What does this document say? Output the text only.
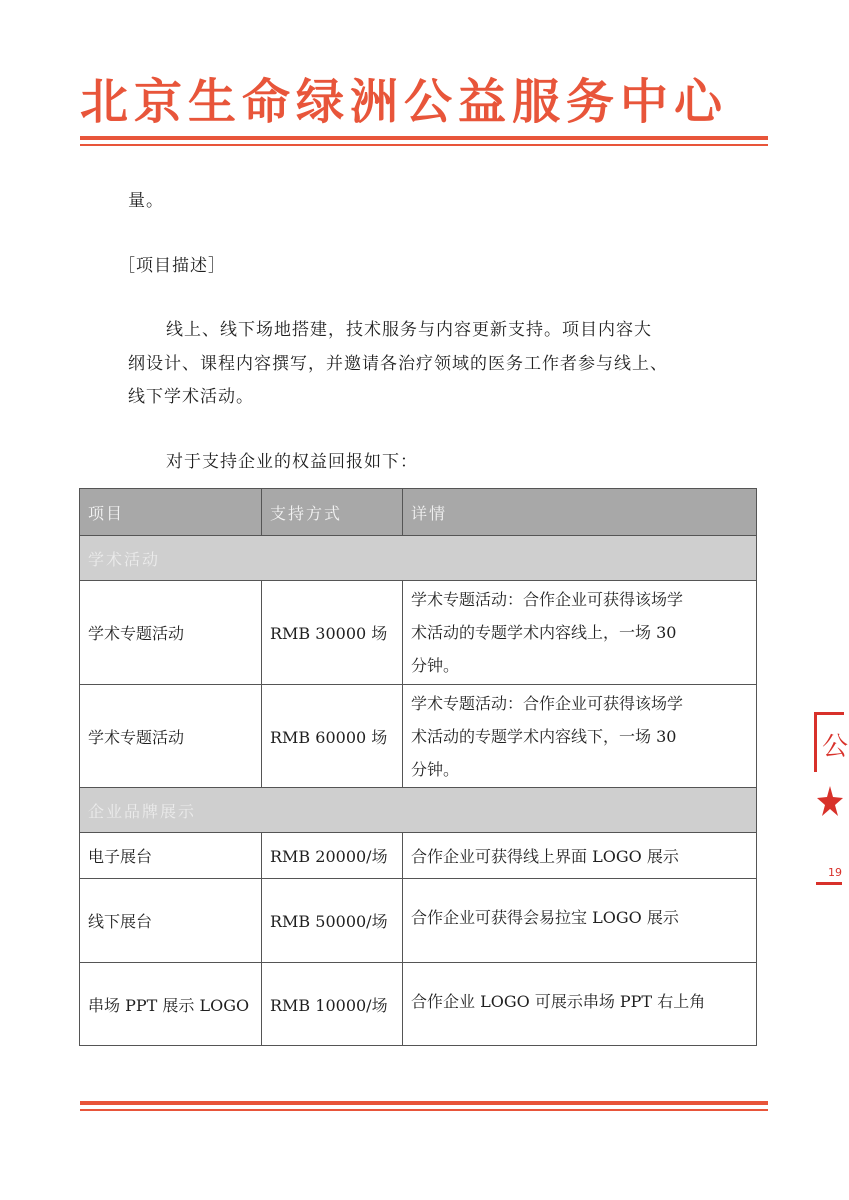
北京生命绿洲公益服务中心
量。
［项目描述］
线上、线下场地搭建，技术服务与内容更新支持。项目内容大
纲设计、课程内容撰写，并邀请各治疗领域的医务工作者参与线上、
线下学术活动。
对于支持企业的权益回报如下：
项目	支持方式	详情
学术活动		
学术专题活动	RMB 30000 场	学术专题活动：合作企业可获得该场学
术活动的专题学术内容线上，一场 30
分钟。
学术专题活动	RMB 60000 场	学术专题活动：合作企业可获得该场学
术活动的专题学术内容线下，一场 30
分钟。
企业品牌展示		
电子展台	RMB 20000/场	合作企业可获得线上界面 LOGO 展示
线下展台	RMB 50000/场	合作企业可获得会易拉宝 LOGO 展示
串场 PPT 展示 LOGO	RMB 10000/场	合作企业 LOGO 可展示串场 PPT 右上角
公
19
